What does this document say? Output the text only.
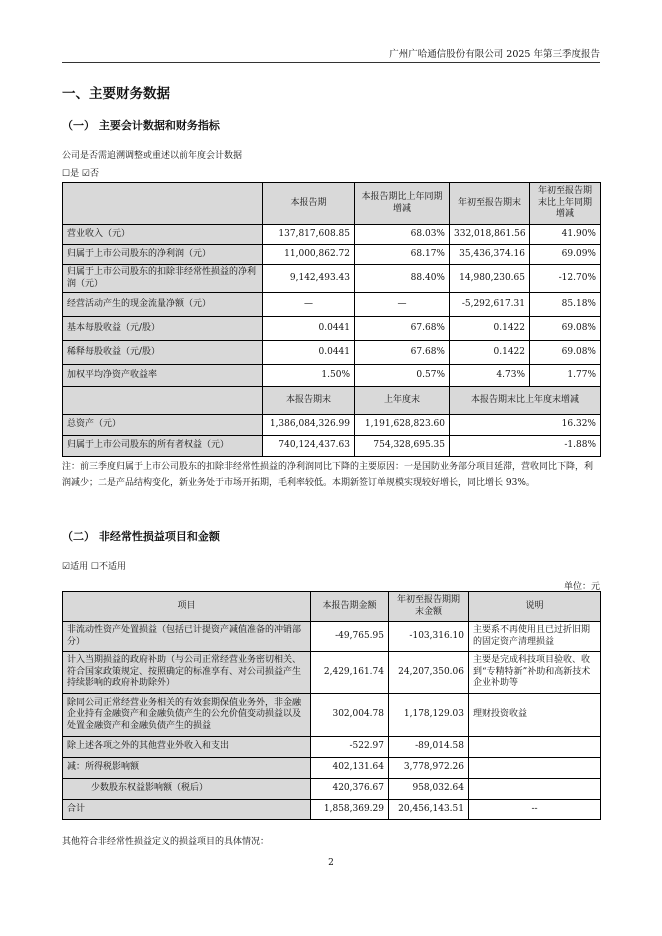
广州广哈通信股份有限公司 2025 年第三季度报告
一、主要财务数据
（一） 主要会计数据和财务指标
公司是否需追溯调整或重述以前年度会计数据
☐是 ☑否
	本报告期	本报告期比上年同期增减	年初至报告期末	年初至报告期末比上年同期增减
营业收入（元）	137,817,608.85	68.03%	332,018,861.56	41.90%
归属于上市公司股东的净利润（元）	11,000,862.72	68.17%	35,436,374.16	69.09%
归属于上市公司股东的扣除非经常性损益的净利润（元）	9,142,493.43	88.40%	14,980,230.65	-12.70%
经营活动产生的现金流量净额（元）	—	—	-5,292,617.31	85.18%
基本每股收益（元/股）	0.0441	67.68%	0.1422	69.08%
稀释每股收益（元/股）	0.0441	67.68%	0.1422	69.08%
加权平均净资产收益率	1.50%	0.57%	4.73%	1.77%
	本报告期末	上年度末	本报告期末比上年度末增减	
总资产（元）	1,386,084,326.99	1,191,628,823.60	16.32%	
归属于上市公司股东的所有者权益（元）	740,124,437.63	754,328,695.35	-1.88%	
注：前三季度归属于上市公司股东的扣除非经常性损益的净利润同比下降的主要原因：一是国防业务部分项目延滞，营收同比下降，利润减少；二是产品结构变化，新业务处于市场开拓期，毛利率较低。本期新签订单规模实现较好增长，同比增长 93%。
（二） 非经常性损益项目和金额
☑适用 ☐不适用
单位：元
项目	本报告期金额	年初至报告期期末金额	说明
非流动性资产处置损益（包括已计提资产减值准备的冲销部分）	-49,765.95	-103,316.10	主要系不再使用且已过折旧期的固定资产清理损益
计入当期损益的政府补助（与公司正常经营业务密切相关、符合国家政策规定、按照确定的标准享有、对公司损益产生持续影响的政府补助除外）	2,429,161.74	24,207,350.06	主要是完成科技项目验收、收到“专精特新”补助和高新技术企业补助等
除同公司正常经营业务相关的有效套期保值业务外，非金融企业持有金融资产和金融负债产生的公允价值变动损益以及处置金融资产和金融负债产生的损益	302,004.78	1,178,129.03	理财投资收益
除上述各项之外的其他营业外收入和支出	-522.97	-89,014.58	
减：所得税影响额	402,131.64	3,778,972.26	
少数股东权益影响额（税后）	420,376.67	958,032.64	
合计	1,858,369.29	20,456,143.51	--
其他符合非经常性损益定义的损益项目的具体情况：
2
